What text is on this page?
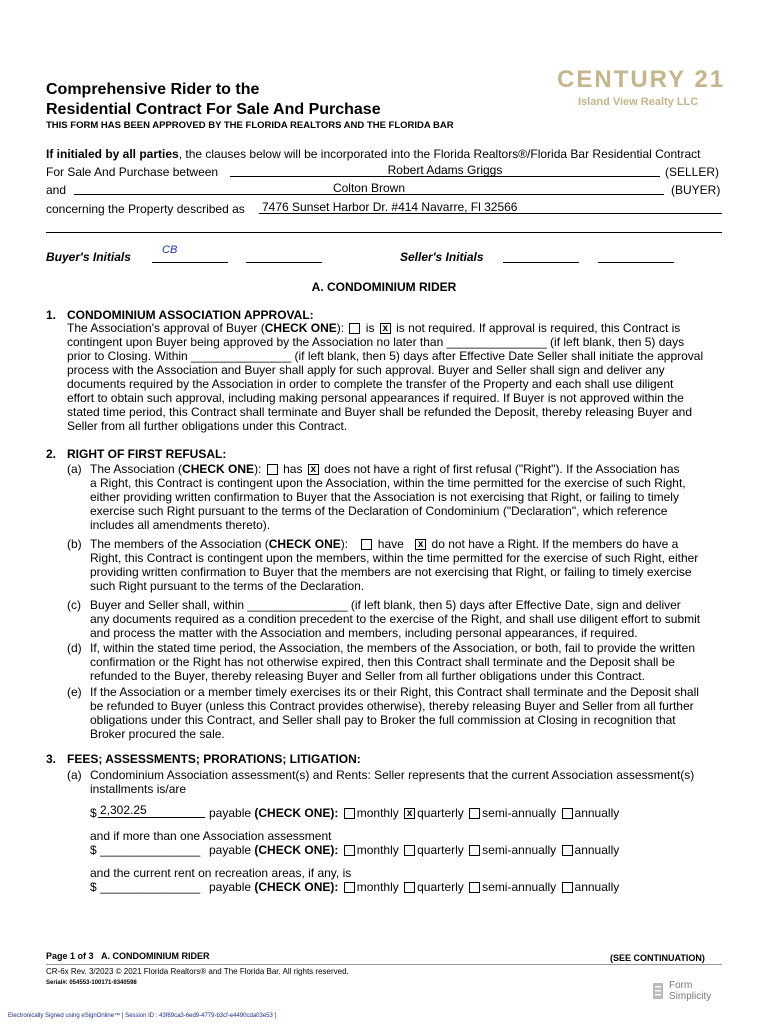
Comprehensive Rider to the
Residential Contract For Sale And Purchase
THIS FORM HAS BEEN APPROVED BY THE FLORIDA REALTORS AND THE FLORIDA BAR
CENTURY 21
Island View Realty LLC
If initialed by all parties, the clauses below will be incorporated into the Florida Realtors®/Florida Bar Residential Contract
For Sale And Purchase between	Robert Adams Griggs	(SELLER)
and	Colton Brown	(BUYER)
concerning the Property described as 7476 Sunset Harbor Dr. #414 Navarre, Fl 32566
Buyer's Initials	CB	Seller's Initials
A. CONDOMINIUM RIDER
1. CONDOMINIUM ASSOCIATION APPROVAL:
The Association's approval of Buyer (CHECK ONE): is x is not required. If approval is required, this Contract is
contingent upon Buyer being approved by the Association no later than _______________ (if left blank, then 5) days
prior to Closing. Within _______________ (if left blank, then 5) days after Effective Date Seller shall initiate the approval
process with the Association and Buyer shall apply for such approval. Buyer and Seller shall sign and deliver any
documents required by the Association in order to complete the transfer of the Property and each shall use diligent
effort to obtain such approval, including making personal appearances if required. If Buyer is not approved within the
stated time period, this Contract shall terminate and Buyer shall be refunded the Deposit, thereby releasing Buyer and
Seller from all further obligations under this Contract.
2. RIGHT OF FIRST REFUSAL:
(a) The Association (CHECK ONE): has x does not have a right of first refusal ("Right"). If the Association has
a Right, this Contract is contingent upon the Association, within the time permitted for the exercise of such Right,
either providing written confirmation to Buyer that the Association is not exercising that Right, or failing to timely
exercise such Right pursuant to the terms of the Declaration of Condominium ("Declaration", which reference
includes all amendments thereto).
(b) The members of the Association (CHECK ONE): have x do not have a Right. If the members do have a
Right, this Contract is contingent upon the members, within the time permitted for the exercise of such Right, either
providing written confirmation to Buyer that the members are not exercising that Right, or failing to timely exercise
such Right pursuant to the terms of the Declaration.
(c) Buyer and Seller shall, within _______________ (if left blank, then 5) days after Effective Date, sign and deliver
any documents required as a condition precedent to the exercise of the Right, and shall use diligent effort to submit
and process the matter with the Association and members, including personal appearances, if required.
(d) If, within the stated time period, the Association, the members of the Association, or both, fail to provide the written
confirmation or the Right has not otherwise expired, then this Contract shall terminate and the Deposit shall be
refunded to the Buyer, thereby releasing Buyer and Seller from all further obligations under this Contract.
(e) If the Association or a member timely exercises its or their Right, this Contract shall terminate and the Deposit shall
be refunded to Buyer (unless this Contract provides otherwise), thereby releasing Buyer and Seller from all further
obligations under this Contract, and Seller shall pay to Broker the full commission at Closing in recognition that
Broker procured the sale.
3. FEES; ASSESSMENTS; PRORATIONS; LITIGATION:
(a) Condominium Association assessment(s) and Rents: Seller represents that the current Association assessment(s)
installments is/are
$ 2,302.25	payable (CHECK ONE): monthly x quarterly semi-annually annually
and if more than one Association assessment
$ _______________ payable (CHECK ONE): monthly quarterly semi-annually annually
and the current rent on recreation areas, if any, is
$ _______________ payable (CHECK ONE): monthly quarterly semi-annually annually
Page 1 of 3 A. CONDOMINIUM RIDER	(SEE CONTINUATION)
CR-6x Rev. 3/2023 © 2021 Florida Realtors® and The Florida Bar. All rights reserved.
Serial#: 054553-100171-9340598
Electronically Signed using eSignOnline™ [ Session ID : 43f69ca3-6ed9-4779-b3cf-e4490cda03e53 ]
Form
Simplicity
